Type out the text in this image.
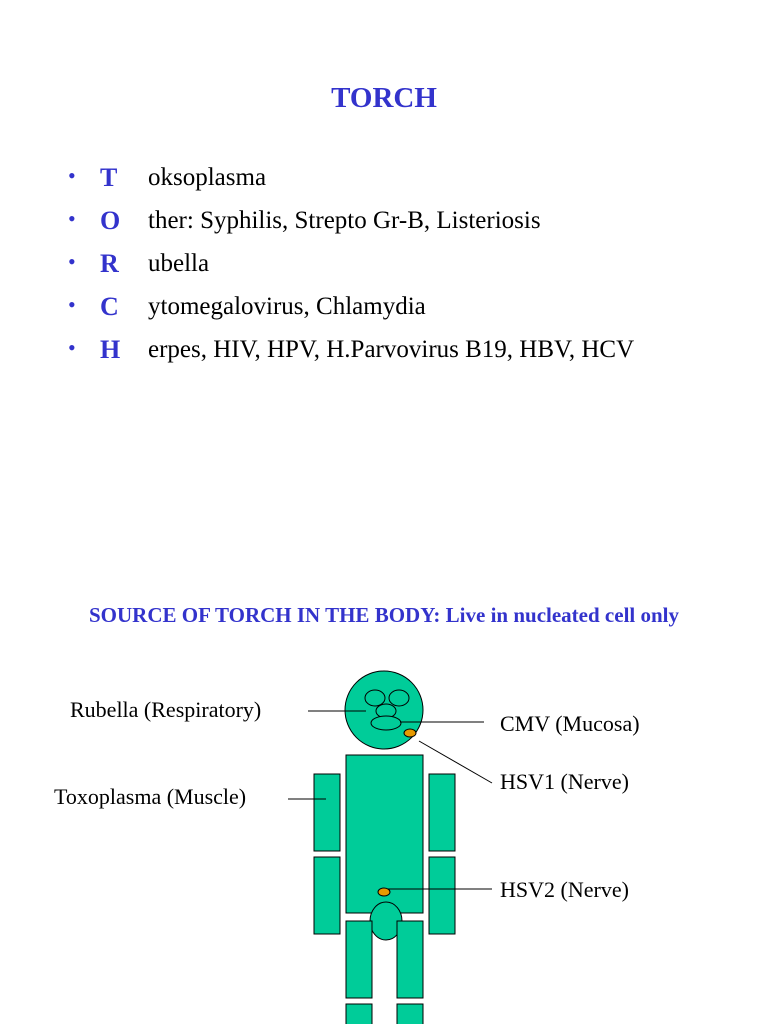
TORCH
• T oksoplasma
• O ther: Syphilis, Strepto Gr-B, Listeriosis
• R ubella
• C ytomegalovirus, Chlamydia
• H erpes, HIV, HPV, H.Parvovirus B19, HBV, HCV
SOURCE OF TORCH IN THE BODY: Live in nucleated cell only
Rubella (Respiratory)
Toxoplasma (Muscle)
CMV (Mucosa)
HSV1 (Nerve)
HSV2 (Nerve)
